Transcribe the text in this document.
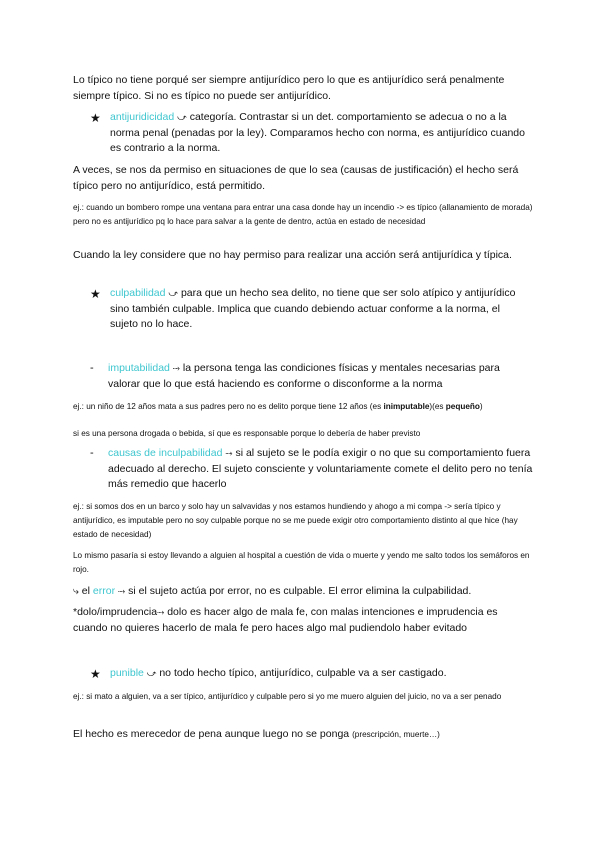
Lo típico no tiene porqué ser siempre antijurídico pero lo que es antijurídico será penalmente siempre típico. Si no es típico no puede ser antijurídico.

★ antijuridicidad ⤻ categoría. Contrastar si un det. comportamiento se adecua o no a la norma penal (penadas por la ley). Comparamos hecho con norma, es antijurídico cuando es contrario a la norma.

A veces, se nos da permiso en situaciones de que lo sea (causas de justificación) el hecho será típico pero no antijurídico, está permitido.

ej.: cuando un bombero rompe una ventana para entrar una casa donde hay un incendio -> es típico (allanamiento de morada) pero no es antijurídico pq lo hace para salvar a la gente de dentro, actúa en estado de necesidad

Cuando la ley considere que no hay permiso para realizar una acción será antijurídica y típica.

★ culpabilidad ⤻ para que un hecho sea delito, no tiene que ser solo atípico y antijurídico sino también culpable. Implica que cuando debiendo actuar conforme a la norma, el sujeto no lo hace.

- imputabilidad ⤑ la persona tenga las condiciones físicas y mentales necesarias para valorar que lo que está haciendo es conforme o disconforme a la norma

ej.: un niño de 12 años mata a sus padres pero no es delito porque tiene 12 años (es inimputable)(es pequeño)

si es una persona drogada o bebida, sí que es responsable porque lo debería de haber previsto

- causas de inculpabilidad ⤑ si al sujeto se le podía exigir o no que su comportamiento fuera adecuado al derecho. El sujeto consciente y voluntariamente comete el delito pero no tenía más remedio que hacerlo

ej.: si somos dos en un barco y solo hay un salvavidas y nos estamos hundiendo y ahogo a mi compa -> sería típico y antijurídico, es imputable pero no soy culpable porque no se me puede exigir otro comportamiento distinto al que hice (hay estado de necesidad)

Lo mismo pasaría si estoy llevando a alguien al hospital a cuestión de vida o muerte y yendo me salto todos los semáforos en rojo.

⤷ el error ⤑ si el sujeto actúa por error, no es culpable. El error elimina la culpabilidad.

*dolo/imprudencia⤑ dolo es hacer algo de mala fe, con malas intenciones e imprudencia es cuando no quieres hacerlo de mala fe pero haces algo mal pudiendolo haber evitado

★ punible ⤻ no todo hecho típico, antijurídico, culpable va a ser castigado.

ej.: si mato a alguien, va a ser típico, antijurídico y culpable pero si yo me muero alguien del juicio, no va a ser penado

El hecho es merecedor de pena aunque luego no se ponga (prescripción, muerte…)
